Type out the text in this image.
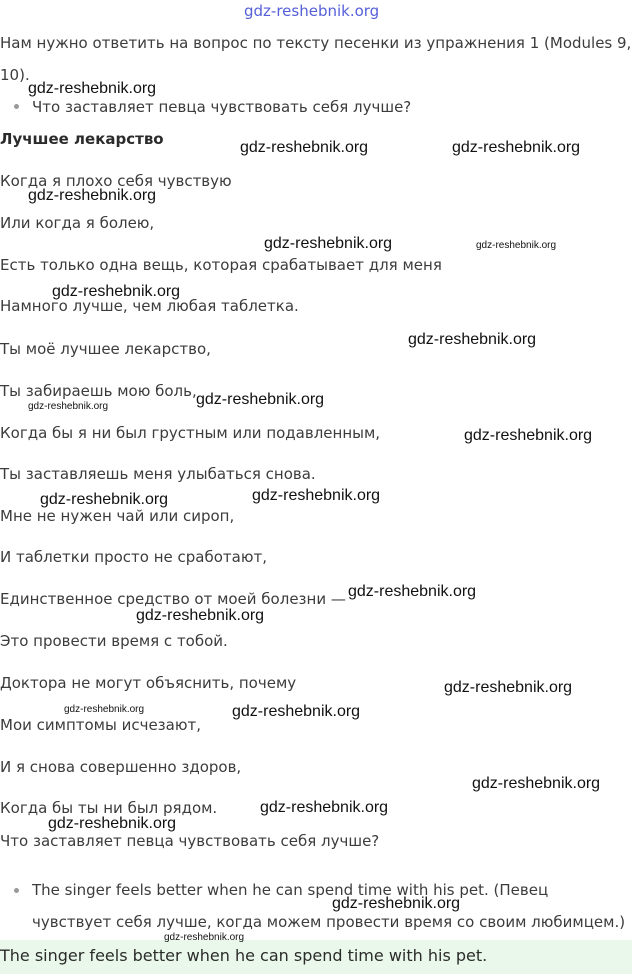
gdz-reshebnik.org
Нам нужно ответить на вопрос по тексту песенки из упражнения 1 (Modules 9,
10).
Что заставляет певца чувствовать себя лучше?
Лучшее лекарство
Когда я плохо себя чувствую
Или когда я болею,
Есть только одна вещь, которая срабатывает для меня
Намного лучше, чем любая таблетка.
Ты моё лучшее лекарство,
Ты забираешь мою боль,
Когда бы я ни был грустным или подавленным,
Ты заставляешь меня улыбаться снова.
Мне не нужен чай или сироп,
И таблетки просто не сработают,
Единственное средство от моей болезни —
Это провести время с тобой.
Доктора не могут объяснить, почему
Мои симптомы исчезают,
И я снова совершенно здоров,
Когда бы ты ни был рядом.
Что заставляет певца чувствовать себя лучше?
The singer feels better when he can spend time with his pet. (Певец
чувствует себя лучше, когда можем провести время со своим любимцем.)
The singer feels better when he can spend time with his pet.
gdz-reshebnik.org
gdz-reshebnik.org	gdz-reshebnik.org
gdz-reshebnik.org
gdz-reshebnik.org	gdz-reshebnik.org
gdz-reshebnik.org
gdz-reshebnik.org
gdz-reshebnik.org
gdz-reshebnik.org
gdz-reshebnik.org
gdz-reshebnik.org	gdz-reshebnik.org
gdz-reshebnik.org
gdz-reshebnik.org
gdz-reshebnik.org
gdz-reshebnik.org	gdz-reshebnik.org
gdz-reshebnik.org
gdz-reshebnik.org
gdz-reshebnik.org
gdz-reshebnik.org
gdz-reshebnik.org
